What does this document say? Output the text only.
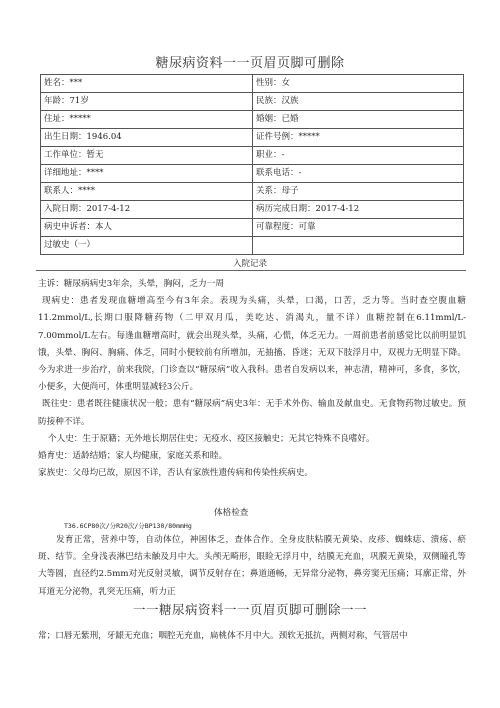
糖尿病资料一一页眉页脚可删除
姓名：***	性别：女
年龄：71岁	民族：汉族
住址：*****	婚姻：已婚
出生日期：1946.04	证件号例：*****
工作单位：暂无	职业：-
详细地址：****	联系电话：-
联系人：****	关系：母子
入院日期：2017-4-12	病历完成日期：2017-4-12
病史申诉者：本人	可靠程度：可靠
过敏史（一）	
入院记录

主诉：糖尿病病史3年余，头晕，胸闷，乏力一周

现病史：患者发现血糖增高至今有3年余。表现为头痛，头晕，口渴，口苦，乏力等。当时查空腹血糖11.2mmol/L,长期口服降糖药物（二甲双月瓜，美吃达、消渴丸，量不详）血糖控制在6.11mml/L-7.00mmol/L左右。每逢血糖增高时，就会出现头晕，头痛，心慌，体乏无力。一周前患者前感觉比以前明显饥饿，头晕、胸闷、胸痛、体乏，同时小便较前有所增加，无抽搐、昏迷；无双下肢浮月中，双视力无明显下降。今为求进一步治疗，前来我院，门诊查以“糖尿病”收入我科。患者自发病以来，神志清，精神可，多食，多饮，小便多，大便尚可，体重明显减轻3公斤。

既往史：患者既往健康状况一般；患有“糖尿病”病史3年：无手术外伤、输血及献血史。无食物药物过敏史。预防接种不详。

个人史：生于原籍；无外地长期居住史；无疫水、疫区接触史；无其它特殊不良嗜好。

婚育史：适龄结婚；家人均健康，家庭关系和睦。

家族史：父母均已故，原因不详，否认有家族性遗传病和传染性疾病史。

体格检查
T36.6CP80次/分R20次/分BP130/80mmHg

发育正常，营养中等，自动体位，神困体乏，查体合作。全身皮肤粘膜无黄染、皮疹、蜘蛛痣、溃疡、瘀斑、结节。全身浅表淋巴结未触及月中大。头颅无畸形，眼睑无浮月中，结膜无充血，巩膜无黄染，双侧瞳孔等大等圆，直径约2.5mm对光反射灵敏，调节反射存在；鼻道通畅，无异常分泌物，鼻旁窦无压痛；耳廓正常，外耳道无分泌物，乳突无压痛，听力正

一一糖尿病资料一一页眉页脚可删除一一
常；口唇无紫刑，牙龈无充血；咽腔无充血，扁桃体不月中大。颈软无抵抗，两侧对称，气管居中
